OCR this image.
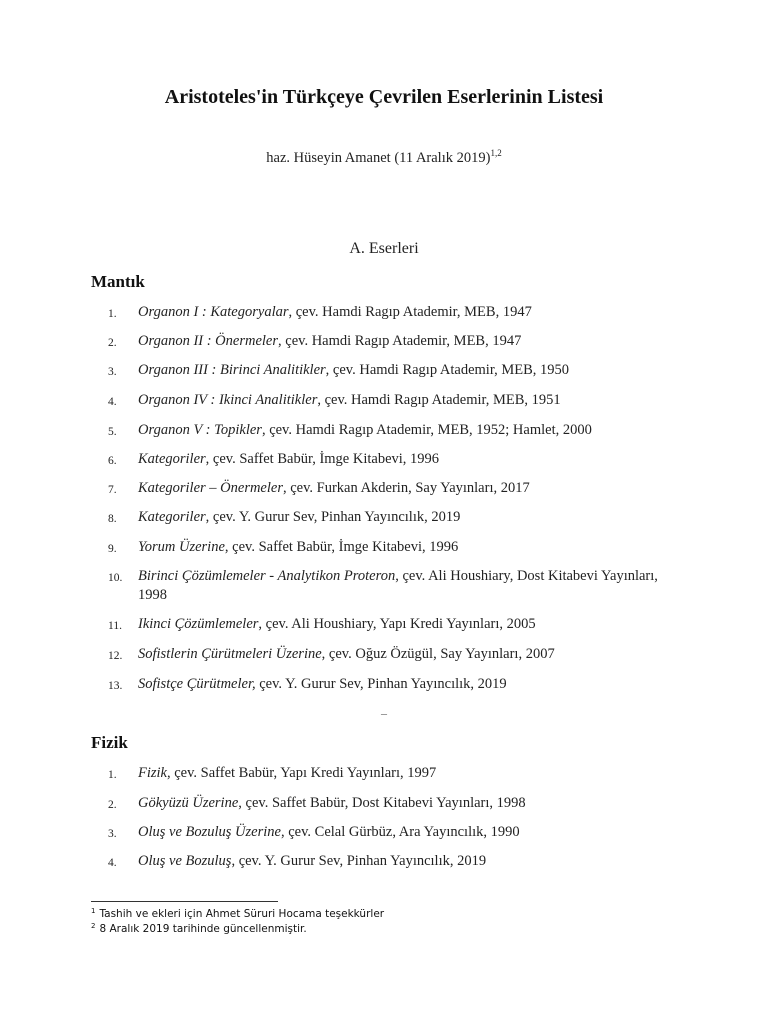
Aristoteles'in Türkçeye Çevrilen Eserlerinin Listesi
haz. Hüseyin Amanet (11 Aralık 2019)$^{1,2}$
A. Eserleri
Mantık
1.	Organon I : Kategoryalar, çev. Hamdi Ragıp Atademir, MEB, 1947
2.	Organon II : Önermeler, çev. Hamdi Ragıp Atademir, MEB, 1947
3.	Organon III : Birinci Analitikler, çev. Hamdi Ragıp Atademir, MEB, 1950
4.	Organon IV : Ikinci Analitikler, çev. Hamdi Ragıp Atademir, MEB, 1951
5.	Organon V : Topikler, çev. Hamdi Ragıp Atademir, MEB, 1952; Hamlet, 2000
6.	Kategoriler, çev. Saffet Babür, İmge Kitabevi, 1996
7.	Kategoriler – Önermeler, çev. Furkan Akderin, Say Yayınları, 2017
8.	Kategoriler, çev. Y. Gurur Sev, Pinhan Yayıncılık, 2019
9.	Yorum Üzerine, çev. Saffet Babür, İmge Kitabevi, 1996
10.	Birinci Çözümlemeler - Analytikon Proteron, çev. Ali Houshiary, Dost Kitabevi Yayınları, 1998
11.	Ikinci Çözümlemeler, çev. Ali Houshiary, Yapı Kredi Yayınları, 2005
12.	Sofistlerin Çürütmeleri Üzerine, çev. Oğuz Özügül, Say Yayınları, 2007
13.	Sofistçe Çürütmeler, çev. Y. Gurur Sev, Pinhan Yayıncılık, 2019
–
Fizik
1.	Fizik, çev. Saffet Babür, Yapı Kredi Yayınları, 1997
2.	Gökyüzü Üzerine, çev. Saffet Babür, Dost Kitabevi Yayınları, 1998
3.	Oluş ve Bozuluş Üzerine, çev. Celal Gürbüz, Ara Yayıncılık, 1990
4.	Oluş ve Bozuluş, çev. Y. Gurur Sev, Pinhan Yayıncılık, 2019
$^1$ Tashih ve ekleri için Ahmet Süruri Hocama teşekkürler
$^2$ 8 Aralık 2019 tarihinde güncellenmiştir.
